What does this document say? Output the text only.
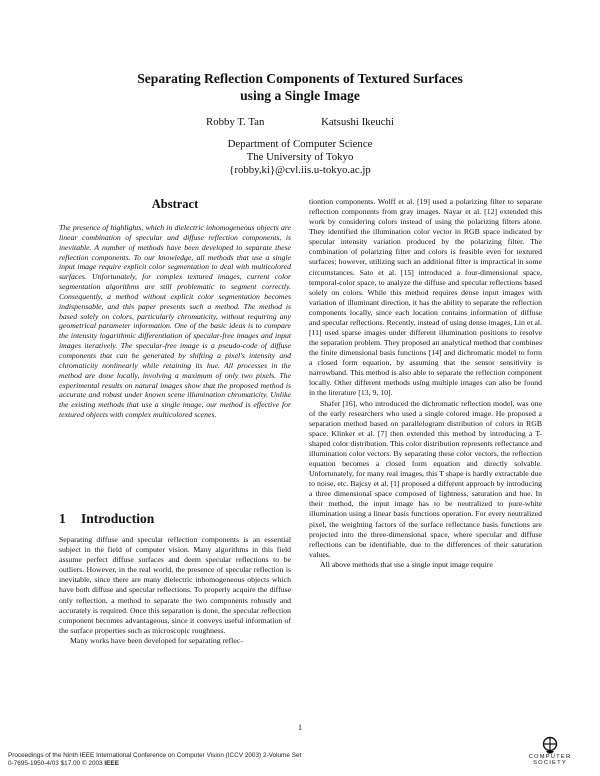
Separating Reflection Components of Textured Surfaces
using a Single Image
Robby T. Tan	Katsushi Ikeuchi
Department of Computer Science
The University of Tokyo
{robby,ki}@cvl.iis.u-tokyo.ac.jp
Abstract
The presence of highlights, which in dielectric inhomogeneous objects are linear combination of specular and diffuse reflection components, is inevitable. A number of methods have been developed to separate these reflection components. To our knowledge, all methods that use a single input image require explicit color segmentation to deal with multicolored surfaces. Unfortunately, for complex textured images, current color segmentation algorithms are still problematic to segment correctly. Consequently, a method without explicit color segmentation becomes indispensable, and this paper presents such a method. The method is based solely on colors, particularly chromaticity, without requiring any geometrical parameter information. One of the basic ideas is to compare the intensity logarithmic differentiation of specular-free images and input images iteratively. The specular-free image is a pseudo-code of diffuse components that can be generated by shifting a pixel's intensity and chromaticity nonlinearly while retaining its hue. All processes in the method are done locally, involving a maximum of only two pixels. The experimental results on natural images show that the proposed method is accurate and robust under known scene illumination chromaticity. Unlike the existing methods that use a single image, our method is effective for textured objects with complex multicolored scenes.
1 Introduction

Separating diffuse and specular reflection components is an essential subject in the field of computer vision. Many algorithms in this field assume perfect diffuse surfaces and deem specular reflections to be outliers. However, in the real world, the presence of specular reflection is inevitable, since there are many dielectric inhomogeneous objects which have both diffuse and specular reflections. To properly acquire the diffuse only reflection, a method to separate the two components robustly and accurately is required. Once this separation is done, the specular reflection component becomes advantageous, since it conveys useful information of the surface properties such as microscopic roughness.

Many works have been developed for separating reflec-

tiontion components. Wolff et al. [19] used a polarizing filter to separate reflection components from gray images. Nayar et al. [12] extended this work by considering colors instead of using the polarizing filters alone. They identified the illumination color vector in RGB space indicated by specular intensity variation produced by the polarizing filter. The combination of polarizing filter and colors is feasible even for textured surfaces; however, utilizing such an additional filter is impractical in some circumstances. Sato et al. [15] introduced a four-dimensional space, temporal-color space, to analyze the diffuse and specular reflections based solely on colors. While this method requires dense input images with variation of illuminant direction, it has the ability to separate the reflection components locally, since each location contains information of diffuse and specular reflections. Recently, instead of using dense images, Lin et al. [11] used sparse images under different illumination positions to resolve the separation problem. They proposed an analytical method that combines the finite dimensional basis functions [14] and dichromatic model to form a closed form equation, by assuming that the sensor sensitivity is narrowband. This method is also able to separate the reflection component locally. Other different methods using multiple images can also be found in the literature [13, 9, 10].

Shafer [16], who introduced the dichromatic reflection model, was one of the early researchers who used a single colored image. He proposed a separation method based on parallelogram distribution of colors in RGB space. Klinker et al. [7] then extended this method by introducing a T-shaped color distribution. This color distribution represents reflectance and illumination color vectors. By separating these color vectors, the reflection equation becomes a closed form equation and directly solvable. Unfortunately, for many real images, this T shape is hardly extractable due to noise, etc. Bajcsy et al. [1] proposed a different approach by introducing a three dimensional space composed of lightness, saturation and hue. In their method, the input image has to be neutralized to pure-white illumination using a linear basis functions operation. For every neutralized pixel, the weighting factors of the surface reflectance basis functions are projected into the three-dimensional space, where specular and diffuse reflections can be identifiable, due to the differences of their saturation values.

All above methods that use a single input image require

1
Proceedings of the Ninth IEEE International Conference on Computer Vision (ICCV 2003) 2-Volume Set
0-7695-1950-4/03 $17.00 © 2003 IEEE
COMPUTER
SOCIETY
